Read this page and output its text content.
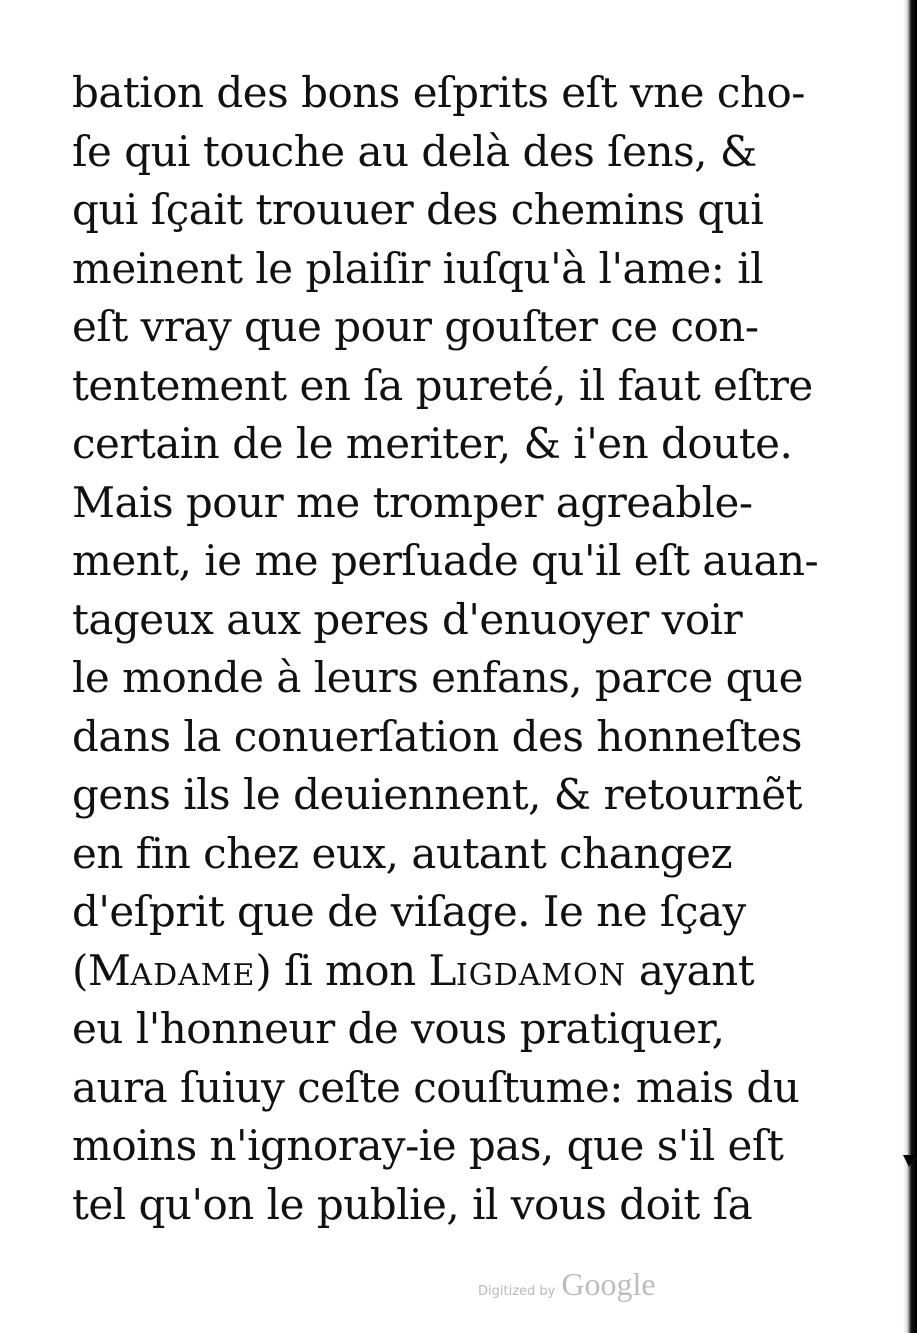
bation des bons eſprits eſt vne cho-
ſe qui touche au delà des ſens, &
qui ſçait trouuer des chemins qui
meinent le plaiſir iuſqu'à l'ame: il
eſt vray que pour gouſter ce con-
tentement en ſa pureté, il faut eſtre
certain de le meriter, & i'en doute.
Mais pour me tromper agreable-
ment, ie me perſuade qu'il eſt auan-
tageux aux peres d'enuoyer voir
le monde à leurs enfans, parce que
dans la conuerſation des honneſtes
gens ils le deuiennent, & retournẽt
en fin chez eux, autant changez
d'eſprit que de viſage. Ie ne ſçay
(MADAME) ſi mon LIGDAMON ayant
eu l'honneur de vous pratiquer,
aura ſuiuy ceſte couſtume: mais du
moins n'ignoray-ie pas, que s'il eſt
tel qu'on le publie, il vous doit ſa
Digitized by Google
